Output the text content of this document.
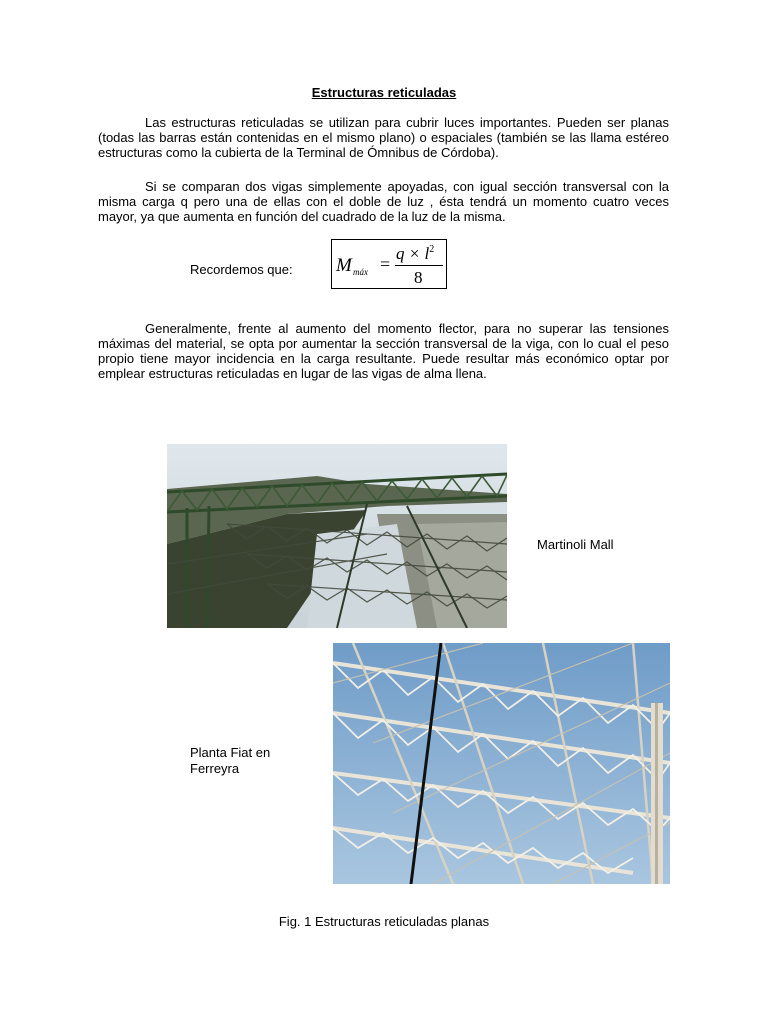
Estructuras reticuladas

Las estructuras reticuladas se utilizan para cubrir luces importantes. Pueden ser planas (todas las barras están contenidas en el mismo plano) o espaciales (también se las llama estéreo estructuras como la cubierta de la Terminal de Ómnibus de Córdoba).

Si se comparan dos vigas simplemente apoyadas, con igual sección transversal con la misma carga q pero una de ellas con el doble de luz , ésta tendrá un momento cuatro veces mayor, ya que aumenta en función del cuadrado de la luz de la misma.

Recordemos que: M máx =
$q \times l^2$
8

Generalmente, frente al aumento del momento flector, para no superar las tensiones máximas del material, se opta por aumentar la sección transversal de la viga, con lo cual el peso propio tiene mayor incidencia en la carga resultante. Puede resultar más económico optar por emplear estructuras reticuladas en lugar de las vigas de alma llena.

Martinoli Mall
Planta Fiat en Ferreyra
Fig. 1 Estructuras reticuladas planas
